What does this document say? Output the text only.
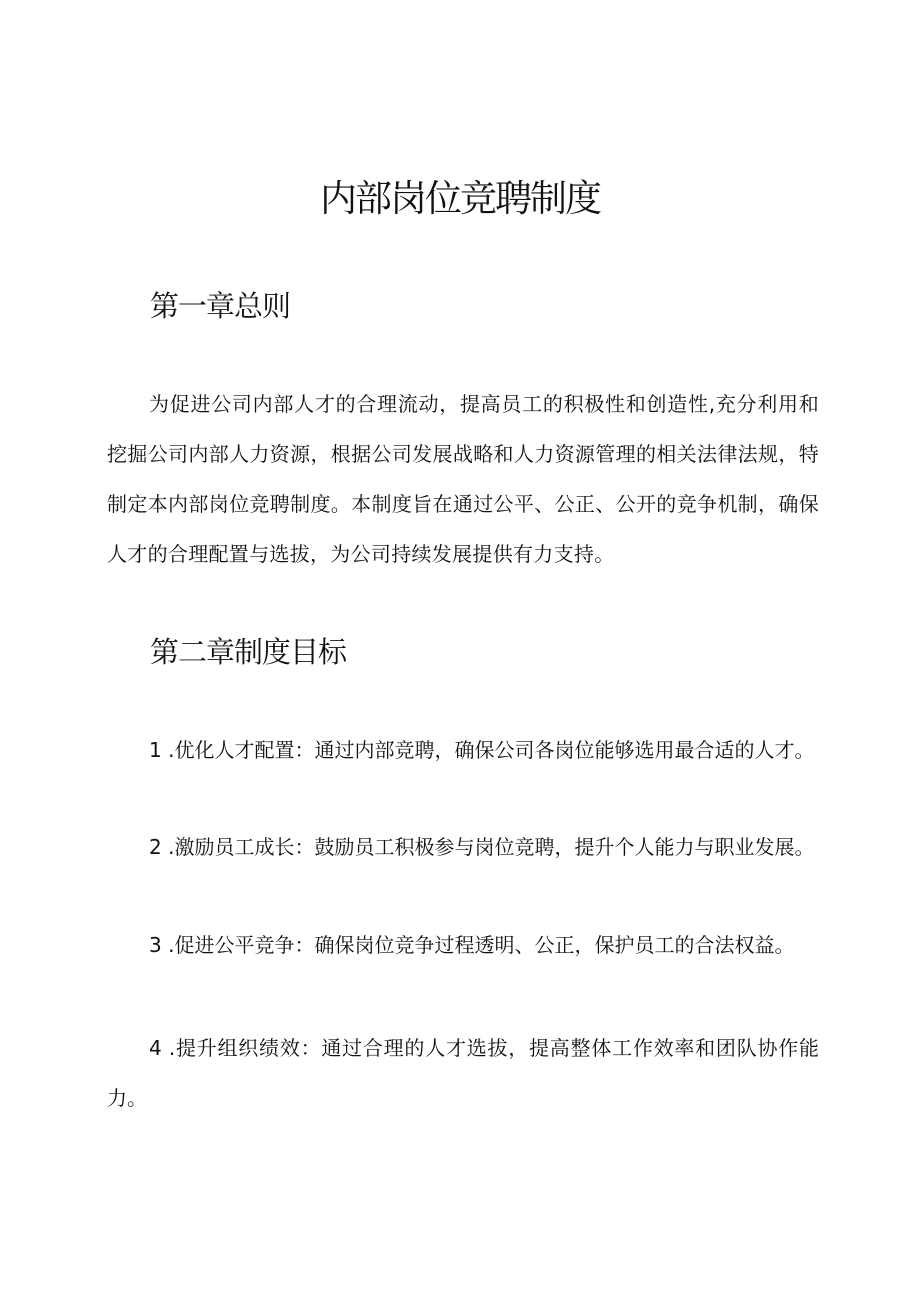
内部岗位竞聘制度
第一章总则

为促进公司内部人才的合理流动，提高员工的积极性和创造性,充分利用和挖掘公司内部人力资源，根据公司发展战略和人力资源管理的相关法律法规，特制定本内部岗位竞聘制度。本制度旨在通过公平、公正、公开的竞争机制，确保人才的合理配置与选拔，为公司持续发展提供有力支持。

第二章制度目标

1 .优化人才配置：通过内部竞聘，确保公司各岗位能够选用最合适的人才。

2 .激励员工成长：鼓励员工积极参与岗位竞聘，提升个人能力与职业发展。

3 .促进公平竞争：确保岗位竞争过程透明、公正，保护员工的合法权益。

4 .提升组织绩效：通过合理的人才选拔，提高整体工作效率和团队协作能力。
